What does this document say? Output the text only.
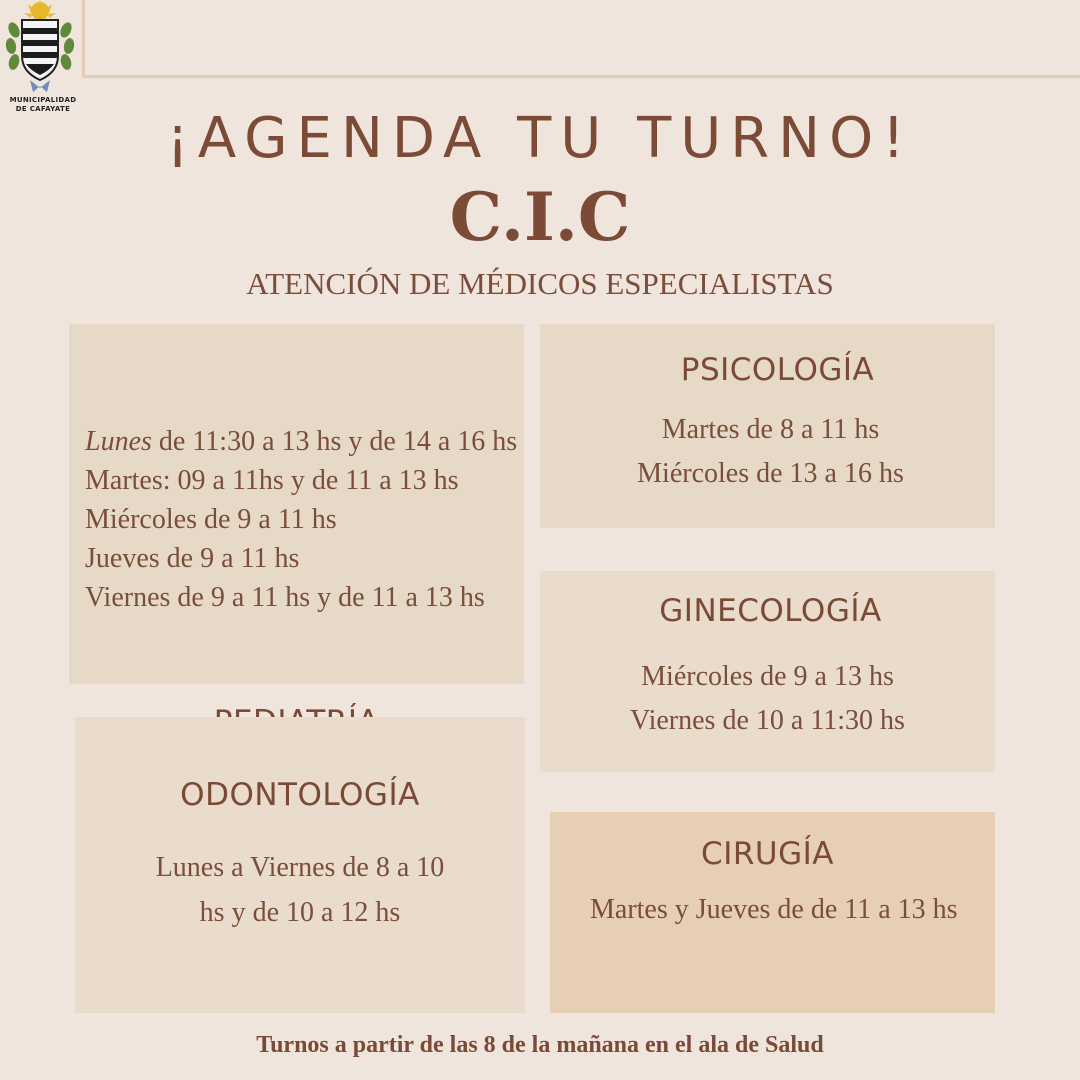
MUNICIPALIDAD
DE CAFAYATE	¡AGENDA TU TURNO!
C.I.C
ATENCIÓN DE MÉDICOS ESPECIALISTAS
Lunes de 11:30 a 13 hs y de 14 a 16 hs
Martes: 09 a 11hs y de 11 a 13 hs
Miércoles de 9 a 11 hs
Jueves de 9 a 11 hs
Viernes de 9 a 11 hs y de 11 a 13 hs
PSICOLOGÍA
Martes de 8 a 11 hs
Miércoles de 13 a 16 hs
GINECOLOGÍA
Miércoles de 9 a 13 hs
Viernes de 10 a 11:30 hs
ODONTOLOGÍA
Lunes a Viernes de 8 a 10
hs y de 10 a 12 hs
CIRUGÍA
Martes y Jueves de de 11 a 13 hs
Turnos a partir de las 8 de la mañana en el ala de Salud
